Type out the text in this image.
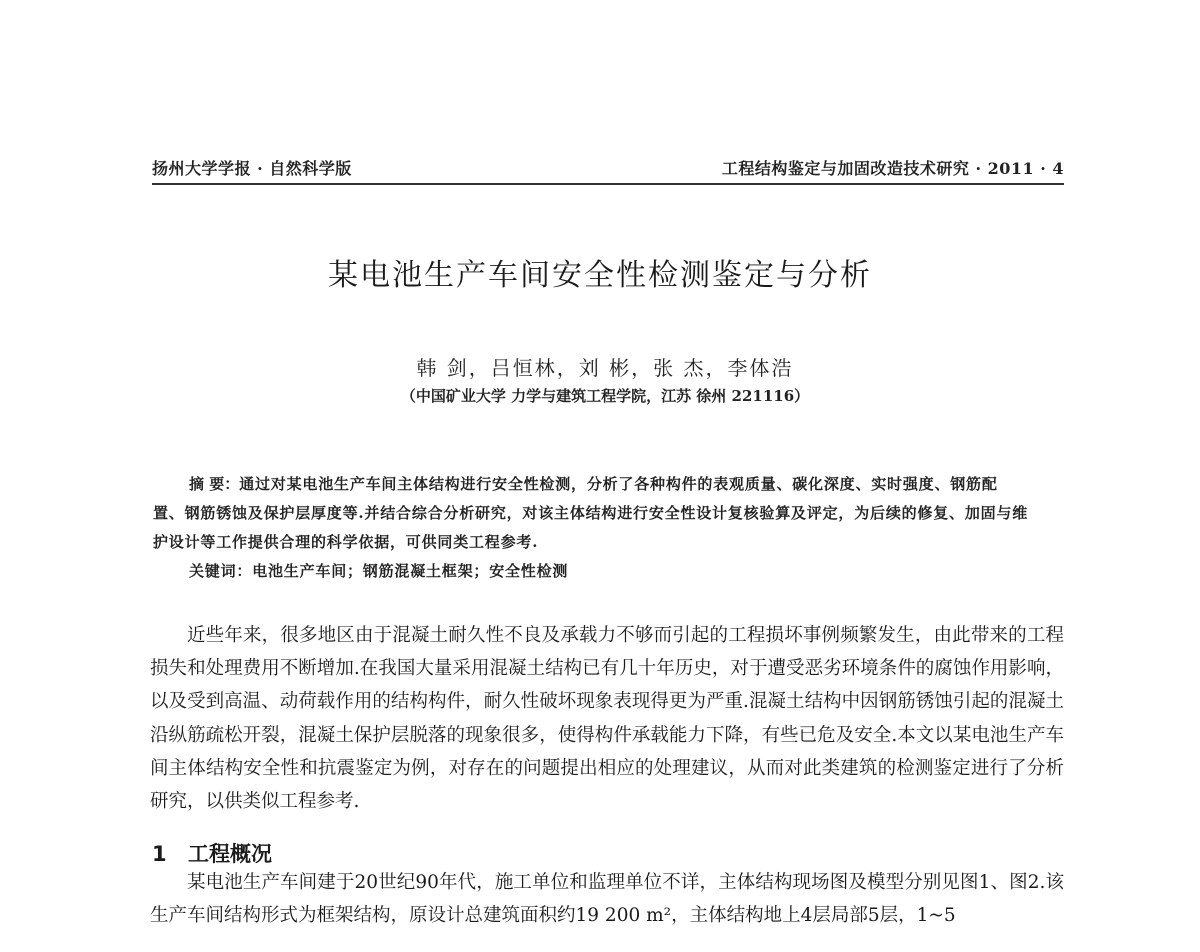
扬州大学学报 · 自然科学版	工程结构鉴定与加固改造技术研究 · 2011 · 4
某电池生产车间安全性检测鉴定与分析
韩 剑，吕恒林，刘 彬，张 杰，李体浩
（中国矿业大学 力学与建筑工程学院，江苏 徐州 221116）

摘 要：通过对某电池生产车间主体结构进行安全性检测，分析了各种构件的表观质量、碳化深度、实时强度、钢筋配置、钢筋锈蚀及保护层厚度等.并结合综合分析研究，对该主体结构进行安全性设计复核验算及评定，为后续的修复、加固与维护设计等工作提供合理的科学依据，可供同类工程参考.

关键词：电池生产车间；钢筋混凝土框架；安全性检测

近些年来，很多地区由于混凝土耐久性不良及承载力不够而引起的工程损坏事例频繁发生，由此带来的工程损失和处理费用不断增加.在我国大量采用混凝土结构已有几十年历史，对于遭受恶劣环境条件的腐蚀作用影响，以及受到高温、动荷载作用的结构构件，耐久性破坏现象表现得更为严重.混凝土结构中因钢筋锈蚀引起的混凝土沿纵筋疏松开裂，混凝土保护层脱落的现象很多，使得构件承载能力下降，有些已危及安全.本文以某电池生产车间主体结构安全性和抗震鉴定为例，对存在的问题提出相应的处理建议，从而对此类建筑的检测鉴定进行了分析研究，以供类似工程参考.

1 工程概况

某电池生产车间建于20世纪90年代，施工单位和监理单位不详，主体结构现场图及模型分别见图1、图2.该生产车间结构形式为框架结构，原设计总建筑面积约19 200 m²，主体结构地上4层局部5层，1~5
